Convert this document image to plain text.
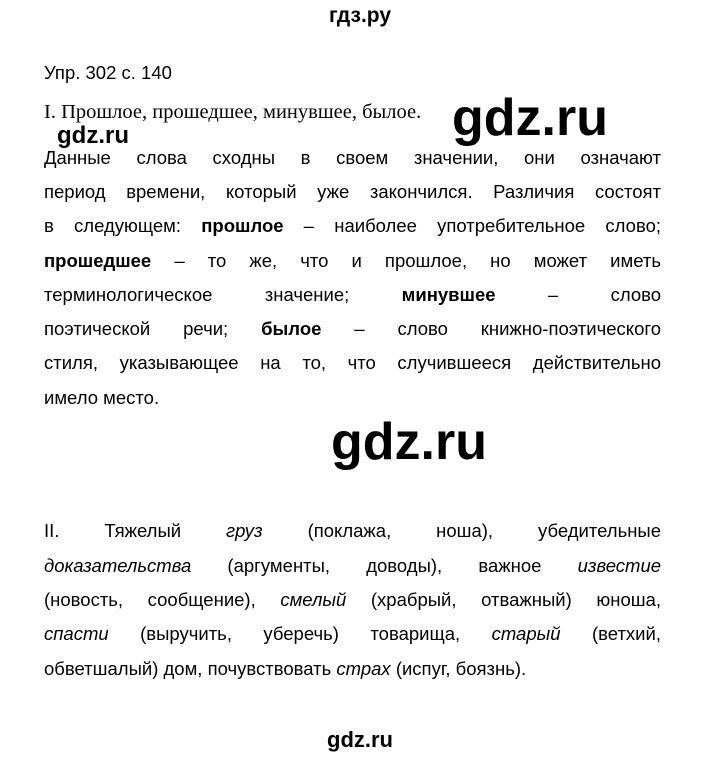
гдз.ру
Упр. 302 с. 140
I. Прошлое, прошедшее, минувшее, былое. gdz.ru
gdz.ru
Данные слова сходны в своем значении, они означают
период времени, который уже закончился. Различия состоят
в следующем: прошлое – наиболее употребительное слово;
прошедшее – то же, что и прошлое, но может иметь
терминологическое	значение;	минувшее	–	слово
поэтической речи; былое – слово книжно-поэтического
стиля, указывающее на то, что случившееся действительно
имело место.
gdz.ru
II. Тяжелый груз (поклажа, ноша), убедительные
доказательства (аргументы, доводы), важное известие
(новость, сообщение), смелый (храбрый, отважный) юноша,
спасти (выручить, уберечь) товарища, старый (ветхий,
обветшалый) дом, почувствовать страх (испуг, боязнь).
gdz.ru
